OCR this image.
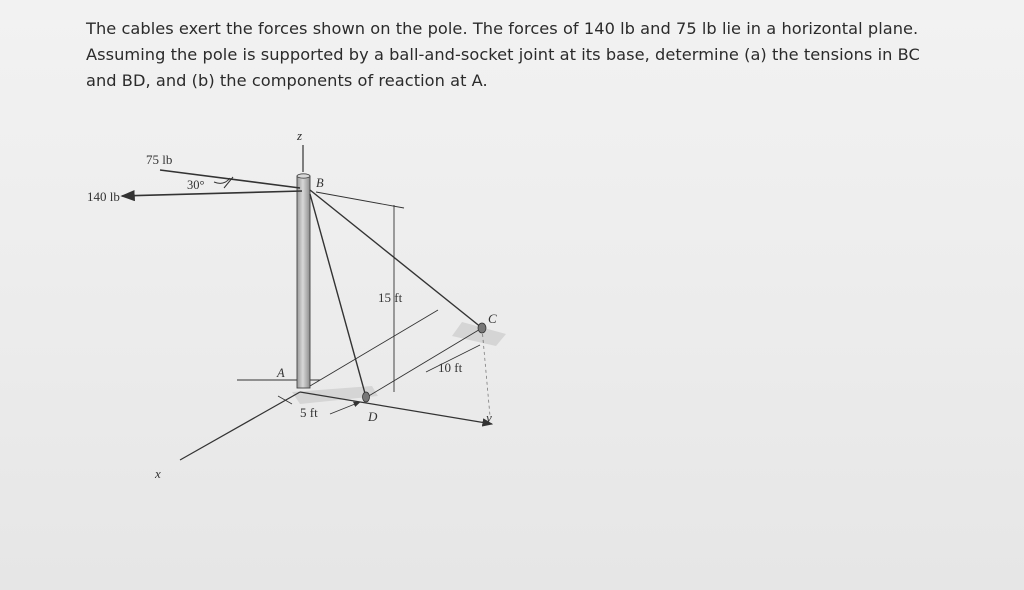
The cables exert the forces shown on the pole. The forces of 140 lb and 75 lb lie in a horizontal plane.
Assuming the pole is supported by a ball-and-socket joint at its base, determine (a) the tensions in BC
and BD, and (b) the components of reaction at A.
75 lb
140 lb
30°
z
B
15 ft
C
10 ft
A
5 ft	D	y
x
